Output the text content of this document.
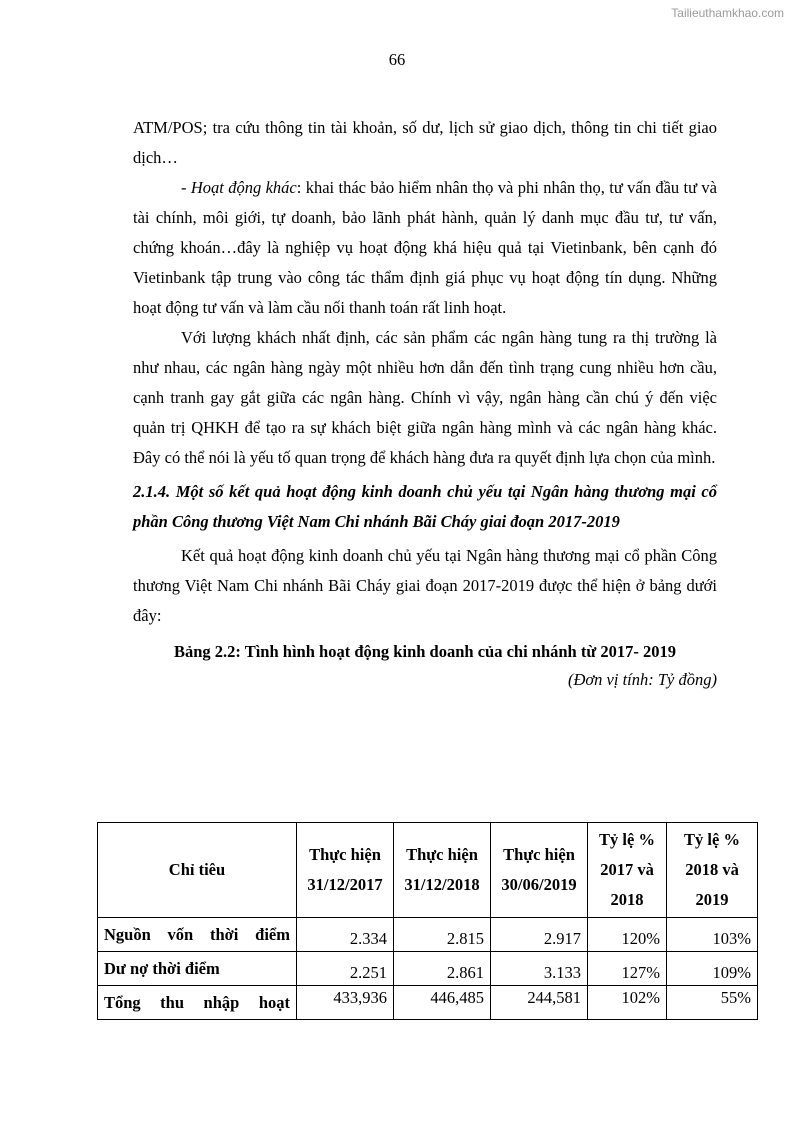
Tailieuthamkhao.com
66

ATM/POS; tra cứu thông tin tài khoản, số dư, lịch sử giao dịch, thông tin chi tiết giao dịch…

- Hoạt động khác: khai thác bảo hiểm nhân thọ và phi nhân thọ, tư vấn đầu tư và tài chính, môi giới, tự doanh, bảo lãnh phát hành, quản lý danh mục đầu tư, tư vấn, chứng khoán…đây là nghiệp vụ hoạt động khá hiệu quả tại Vietinbank, bên cạnh đó Vietinbank tập trung vào công tác thẩm định giá phục vụ hoạt động tín dụng. Những hoạt động tư vấn và làm cầu nối thanh toán rất linh hoạt.

Với lượng khách nhất định, các sản phẩm các ngân hàng tung ra thị trường là như nhau, các ngân hàng ngày một nhiều hơn dẫn đến tình trạng cung nhiều hơn cầu, cạnh tranh gay gắt giữa các ngân hàng. Chính vì vậy, ngân hàng cần chú ý đến việc quản trị QHKH để tạo ra sự khách biệt giữa ngân hàng mình và các ngân hàng khác. Đây có thể nói là yếu tố quan trọng để khách hàng đưa ra quyết định lựa chọn của mình.

2.1.4. Một số kết quả hoạt động kinh doanh chủ yếu tại Ngân hàng thương mại cổ phần Công thương Việt Nam Chi nhánh Bãi Cháy giai đoạn 2017-2019

Kết quả hoạt động kinh doanh chủ yếu tại Ngân hàng thương mại cổ phần Công thương Việt Nam Chi nhánh Bãi Cháy giai đoạn 2017-2019 được thể hiện ở bảng dưới đây:

Bảng 2.2: Tình hình hoạt động kinh doanh của chi nhánh từ 2017- 2019

(Đơn vị tính: Tỷ đồng)

Chỉ tiêu	Thực hiện 31/12/2017	Thực hiện 31/12/2018	Thực hiện 30/06/2019	Tỷ lệ % 2017 và 2018	Tỷ lệ % 2018 và 2019
Nguồn vốn thời điểm	2.334	2.815	2.917	120%	103%
Dư nợ thời điểm	2.251	2.861	3.133	127%	109%
Tổng thu nhập hoạt	433,936	446,485	244,581	102%	55%
